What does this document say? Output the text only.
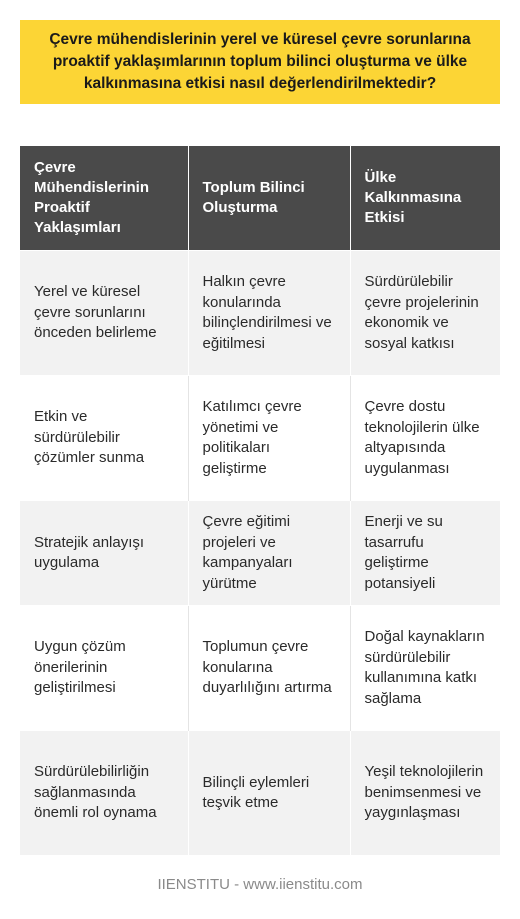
Çevre mühendislerinin yerel ve küresel çevre sorunlarına proaktif yaklaşımlarının toplum bilinci oluşturma ve ülke kalkınmasına etkisi nasıl değerlendirilmektedir?

Çevre Mühendislerinin Proaktif Yaklaşımları	Toplum Bilinci Oluşturma	Ülke Kalkınmasına Etkisi
Yerel ve küresel çevre sorunlarını önceden belirleme	Halkın çevre konularında bilinçlendirilmesi ve eğitilmesi	Sürdürülebilir çevre projelerinin ekonomik ve sosyal katkısı
Etkin ve sürdürülebilir çözümler sunma	Katılımcı çevre yönetimi ve politikaları geliştirme	Çevre dostu teknolojilerin ülke altyapısında uygulanması
Stratejik anlayışı uygulama	Çevre eğitimi projeleri ve kampanyaları yürütme	Enerji ve su tasarrufu geliştirme potansiyeli
Uygun çözüm önerilerinin geliştirilmesi	Toplumun çevre konularına duyarlılığını artırma	Doğal kaynakların sürdürülebilir kullanımına katkı sağlama
Sürdürülebilirliğin sağlanmasında önemli rol oynama	Bilinçli eylemleri teşvik etme	Yeşil teknolojilerin benimsenmesi ve yaygınlaşması
IIENSTITU - www.iienstitu.com
